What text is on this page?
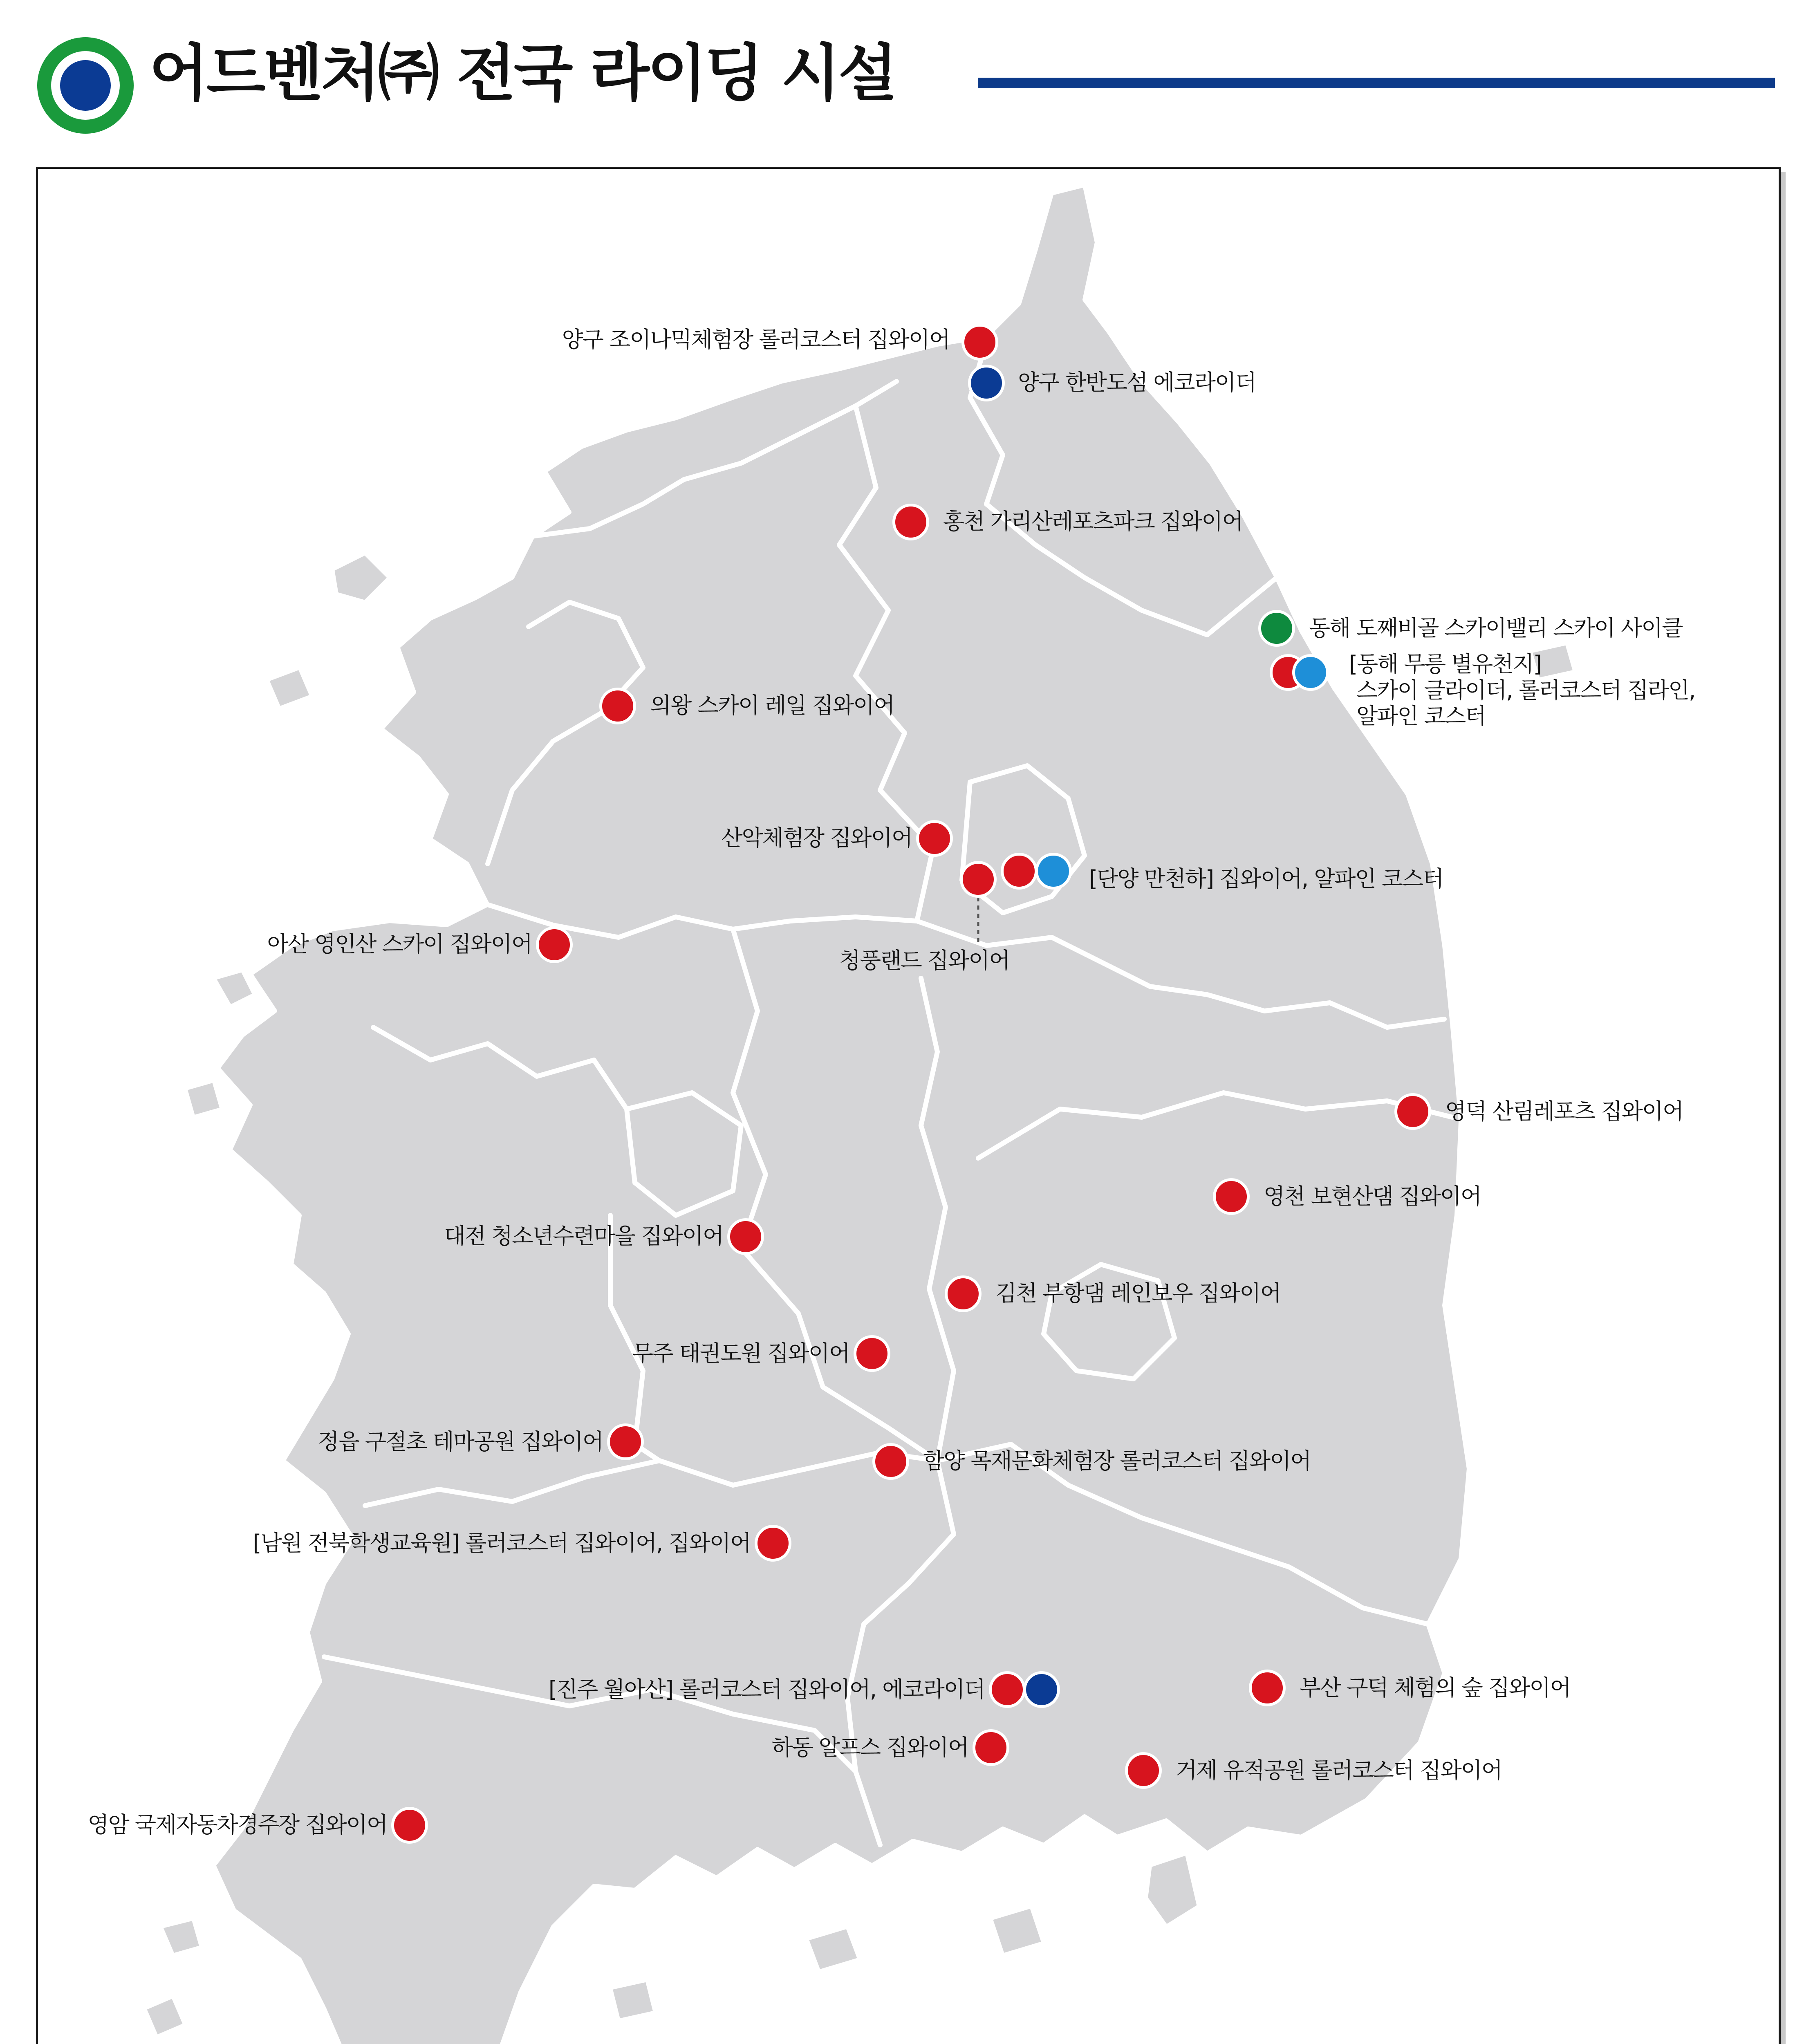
어드벤처㈜ 전국 라이딩 시설
양구 조이나믹체험장 롤러코스터 집와이어
양구 한반도섬 에코라이더
홍천 가리산레포츠파크 집와이어
동해 도째비골 스카이밸리 스카이 사이클
[동해 무릉 별유천지]
스카이 글라이더, 롤러코스터 집라인,
알파인 코스터
의왕 스카이 레일 집와이어
산악체험장 집와이어
[단양 만천하] 집와이어, 알파인 코스터
청풍랜드 집와이어
아산 영인산 스카이 집와이어
영덕 산림레포츠 집와이어
영천 보현산댐 집와이어
대전 청소년수련마을 집와이어
김천 부항댐 레인보우 집와이어
무주 태권도원 집와이어
정읍 구절초 테마공원 집와이어
함양 목재문화체험장 롤러코스터 집와이어
[남원 전북학생교육원] 롤러코스터 집와이어, 집와이어
[진주 월아산] 롤러코스터 집와이어, 에코라이더	부산 구덕 체험의 숲 집와이어
하동 알프스 집와이어
거제 유적공원 롤러코스터 집와이어
영암 국제자동차경주장 집와이어
